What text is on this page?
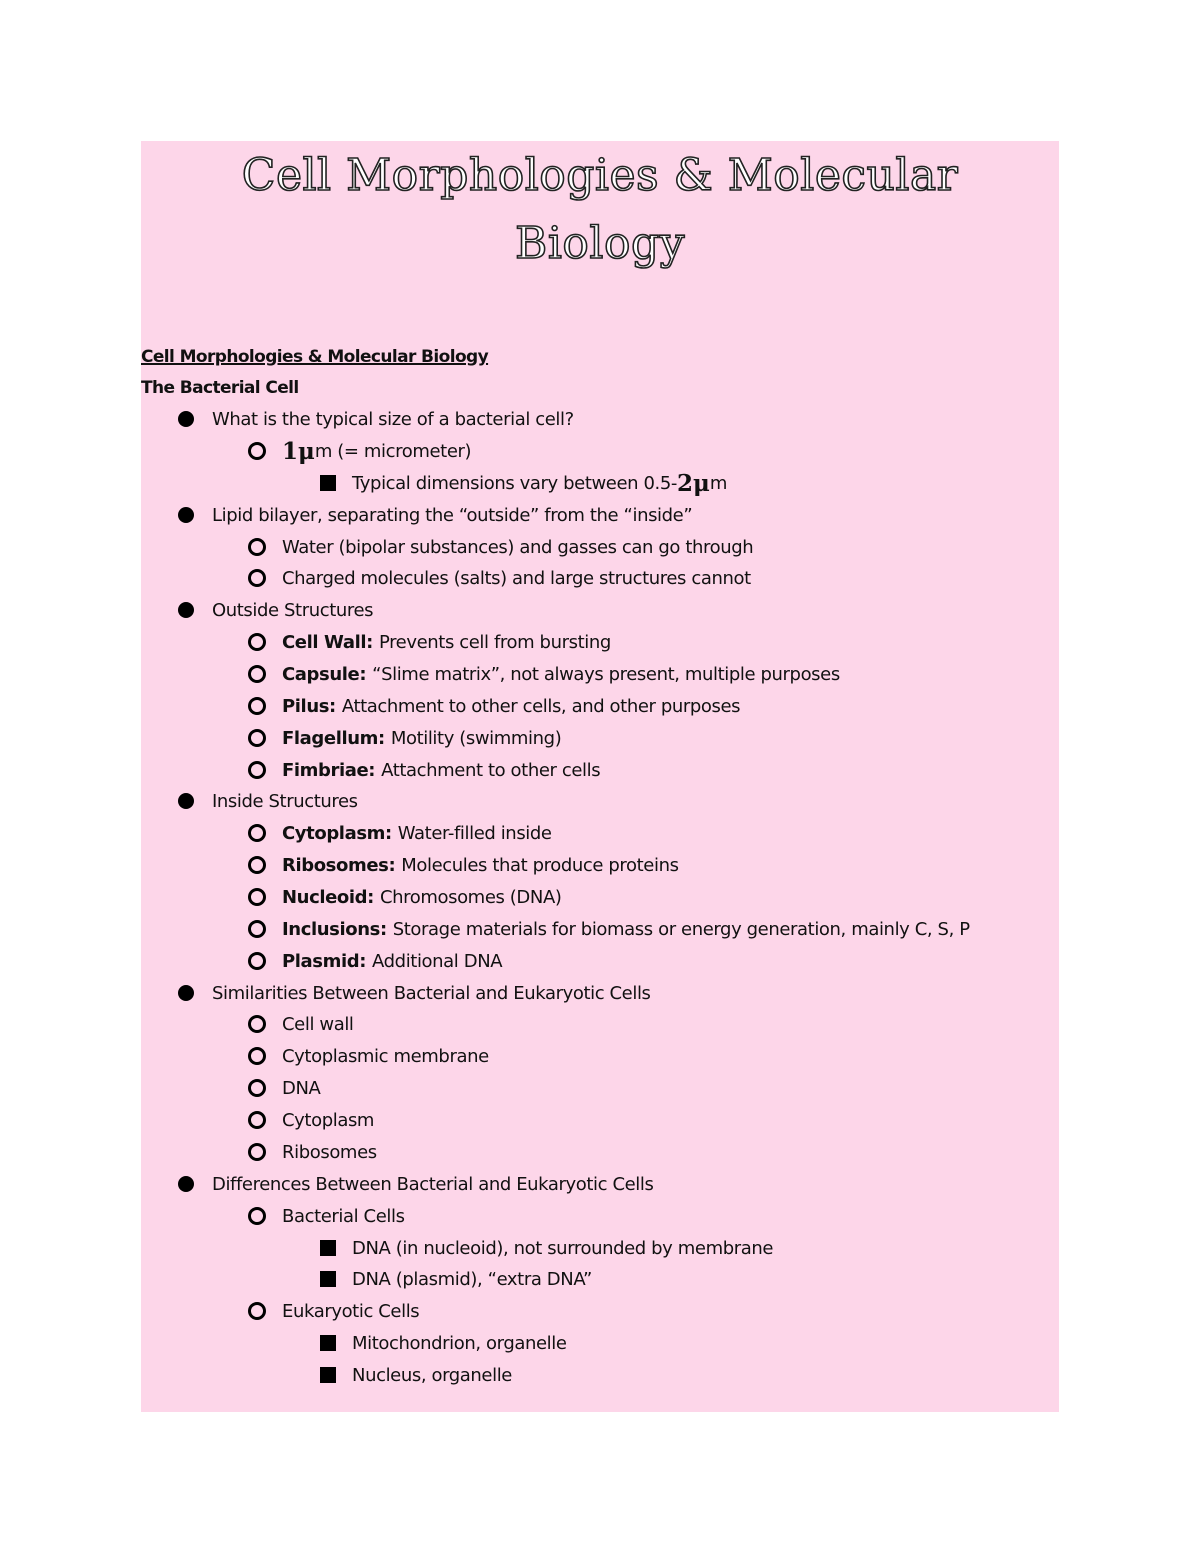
Cell Morphologies & Molecular
Biology
Cell Morphologies & Molecular Biology
The Bacterial Cell
What is the typical size of a bacterial cell?
1μ m (= micrometer)
Typical dimensions vary between 0.5- 2μ m
Lipid bilayer, separating the “outside” from the “inside”
Water (bipolar substances) and gasses can go through
Charged molecules (salts) and large structures cannot
Outside Structures
Cell Wall: Prevents cell from bursting
Capsule: “Slime matrix”, not always present, multiple purposes
Pilus: Attachment to other cells, and other purposes
Flagellum: Motility (swimming)
Fimbriae: Attachment to other cells
Inside Structures
Cytoplasm: Water-filled inside
Ribosomes: Molecules that produce proteins
Nucleoid: Chromosomes (DNA)
Inclusions: Storage materials for biomass or energy generation, mainly C, S, P
Plasmid: Additional DNA
Similarities Between Bacterial and Eukaryotic Cells
Cell wall
Cytoplasmic membrane
DNA
Cytoplasm
Ribosomes
Differences Between Bacterial and Eukaryotic Cells
Bacterial Cells
DNA (in nucleoid), not surrounded by membrane
DNA (plasmid), “extra DNA”
Eukaryotic Cells
Mitochondrion, organelle
Nucleus, organelle
